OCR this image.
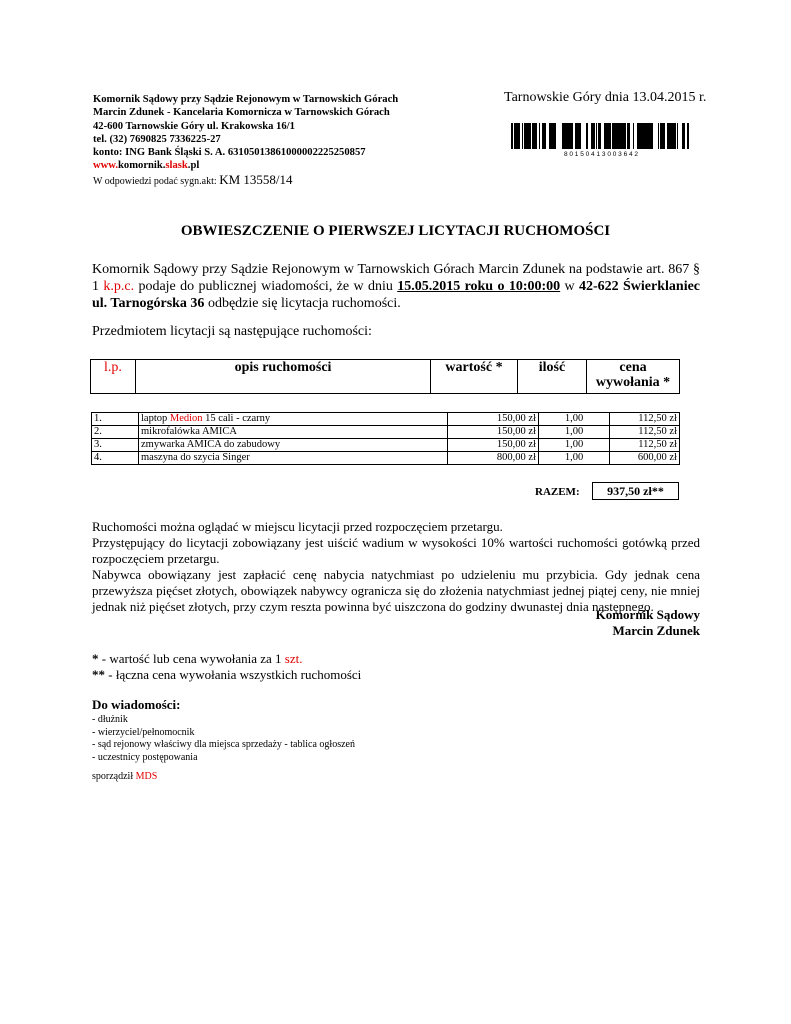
Komornik Sądowy przy Sądzie Rejonowym w Tarnowskich Górach
Marcin Zdunek - Kancelaria Komornicza w Tarnowskich Górach
42-600 Tarnowskie Góry ul. Krakowska 16/1
tel. (32) 7690825 7336225-27
konto: ING Bank Śląski S. A. 63105013861000002225250857
www.komornik.slask.pl
W odpowiedzi podać sygn.akt: KM 13558/14
Tarnowskie Góry dnia 13.04.2015 r.
8 0 1 5 0 4 1 3 0 0 3 6 4 2
OBWIESZCZENIE O PIERWSZEJ LICYTACJI RUCHOMOŚCI
Komornik Sądowy przy Sądzie Rejonowym w Tarnowskich Górach Marcin Zdunek na podstawie art. 867 § 1 k.p.c. podaje do publicznej wiadomości, że w dniu 15.05.2015 roku o 10:00:00 w 42-622 Świerklaniec ul. Tarnogórska 36 odbędzie się licytacja ruchomości.
Przedmiotem licytacji są następujące ruchomości:
l.p.	opis ruchomości	wartość *	ilość	cena
wywołania *
1.	laptop Medion 15 cali - czarny	150,00 zł	1,00	112,50 zł
2.	mikrofalówka AMICA	150,00 zł	1,00	112,50 zł
3.	zmywarka AMICA do zabudowy	150,00 zł	1,00	112,50 zł
4.	maszyna do szycia Singer	800,00 zł	1,00	600,00 zł
RAZEM:	937,50 zł**
Ruchomości można oglądać w miejscu licytacji przed rozpoczęciem przetargu.
Przystępujący do licytacji zobowiązany jest uiścić wadium w wysokości 10% wartości ruchomości gotówką przed rozpoczęciem przetargu.
Nabywca obowiązany jest zapłacić cenę nabycia natychmiast po udzieleniu mu przybicia. Gdy jednak cena przewyższa pięćset złotych, obowiązek nabywcy ogranicza się do złożenia natychmiast jednej piątej ceny, nie mniej jednak niż pięćset złotych, przy czym reszta powinna być uiszczona do godziny dwunastej dnia następnego.
Komornik Sądowy
Marcin Zdunek
* - wartość lub cena wywołania za 1 szt.
** - łączna cena wywołania wszystkich ruchomości
Do wiadomości:
- dłużnik
- wierzyciel/pełnomocnik
- sąd rejonowy właściwy dla miejsca sprzedaży - tablica ogłoszeń
- uczestnicy postępowania
sporządził MDS
